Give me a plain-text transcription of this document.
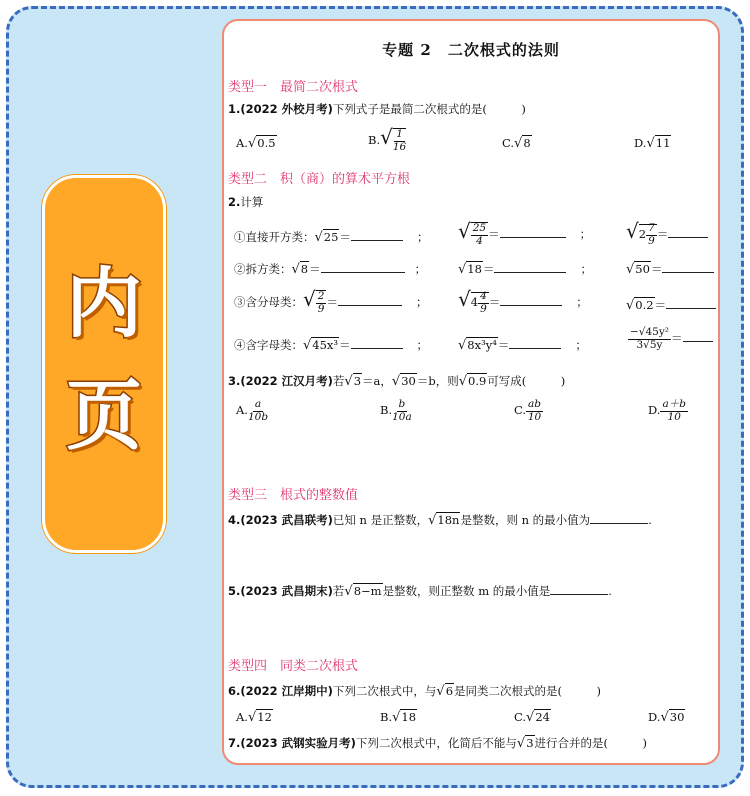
内
页
专题 2　二次根式的法则
类型一　最简二次根式
1.(2022 外校月考)下列式子是最简二次根式的是(　　　)
A.√0.5	$B.√ \frac{1}{16}$	C.√8	D.√11
类型二　积（商）的算术平方根
2.计算
①直接开方类：√25＝	； √ $\frac{25}{4}$ ＝	； $√2 \frac{7}{9}$ ＝
②拆方类：√8＝	； √18＝	；	√50＝
③含分母类：√ $\frac{2}{9}$ ＝	； $√4 \frac{4}{9}$ ＝	；	√0.2＝
④含字母类：√45x³＝	； √8x³y⁴＝	；	$\frac{\text{−√45y²}}{3√5y}$ ＝
3.(2022 江汉月考)若√3＝a，√30＝b，则√0.9可写成(　　　)
A. $\frac{a}{10b}$	B. $\frac{b}{10a}$	C. $\frac{ab}{10}$	D. $\frac{a+b}{10}$
类型三　根式的整数值
4.(2023 武昌联考)已知 n 是正整数，√18n是整数，则 n 的最小值为	.
5.(2023 武昌期末)若√8−m是整数，则正整数 m 的最小值是	.
类型四　同类二次根式
6.(2022 江岸期中)下列二次根式中，与√6是同类二次根式的是(　　　)
A.√12	B.√18	C.√24	D.√30
7.(2023 武钢实验月考)下列二次根式中，化简后不能与√3进行合并的是(　　　)
